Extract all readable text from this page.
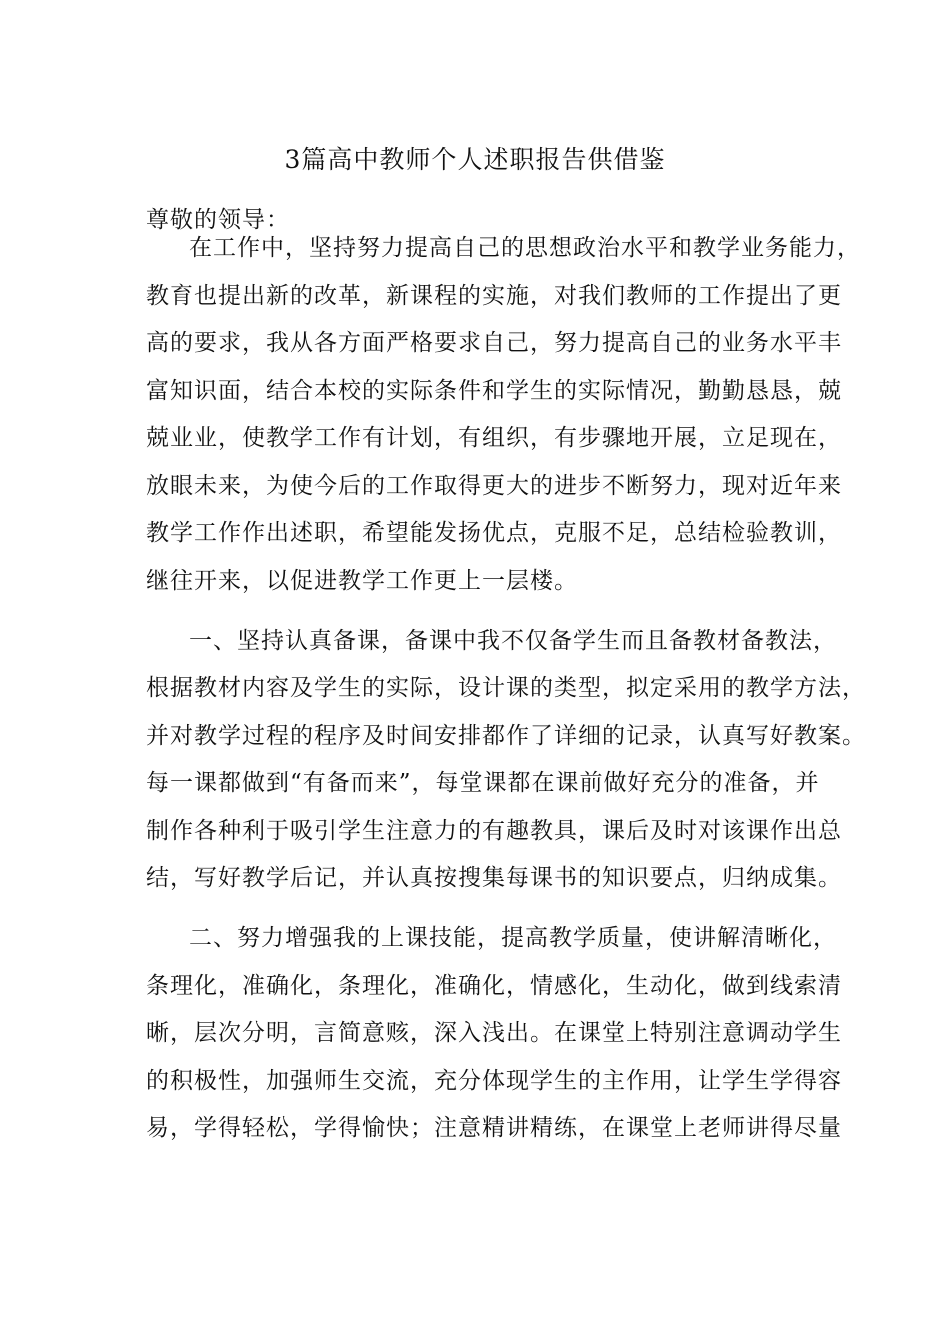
3篇高中教师个人述职报告供借鉴
尊敬的领导：
在工作中，坚持努力提高自己的思想政治水平和教学业务能力，
教育也提出新的改革，新课程的实施，对我们教师的工作提出了更
高的要求，我从各方面严格要求自己，努力提高自己的业务水平丰
富知识面，结合本校的实际条件和学生的实际情况，勤勤恳恳，兢
兢业业，使教学工作有计划，有组织，有步骤地开展，立足现在，
放眼未来，为使今后的工作取得更大的进步不断努力，现对近年来
教学工作作出述职，希望能发扬优点，克服不足，总结检验教训，
继往开来，以促进教学工作更上一层楼。
一、坚持认真备课，备课中我不仅备学生而且备教材备教法，
根据教材内容及学生的实际，设计课的类型，拟定采用的教学方法，
并对教学过程的程序及时间安排都作了详细的记录，认真写好教案。
每一课都做到“有备而来”，每堂课都在课前做好充分的准备，并
制作各种利于吸引学生注意力的有趣教具，课后及时对该课作出总
结，写好教学后记，并认真按搜集每课书的知识要点，归纳成集。
二、努力增强我的上课技能，提高教学质量，使讲解清晰化，
条理化，准确化，条理化，准确化，情感化，生动化，做到线索清
晰，层次分明，言简意赅，深入浅出。在课堂上特别注意调动学生
的积极性，加强师生交流，充分体现学生的主作用，让学生学得容
易，学得轻松，学得愉快；注意精讲精练，在课堂上老师讲得尽量
